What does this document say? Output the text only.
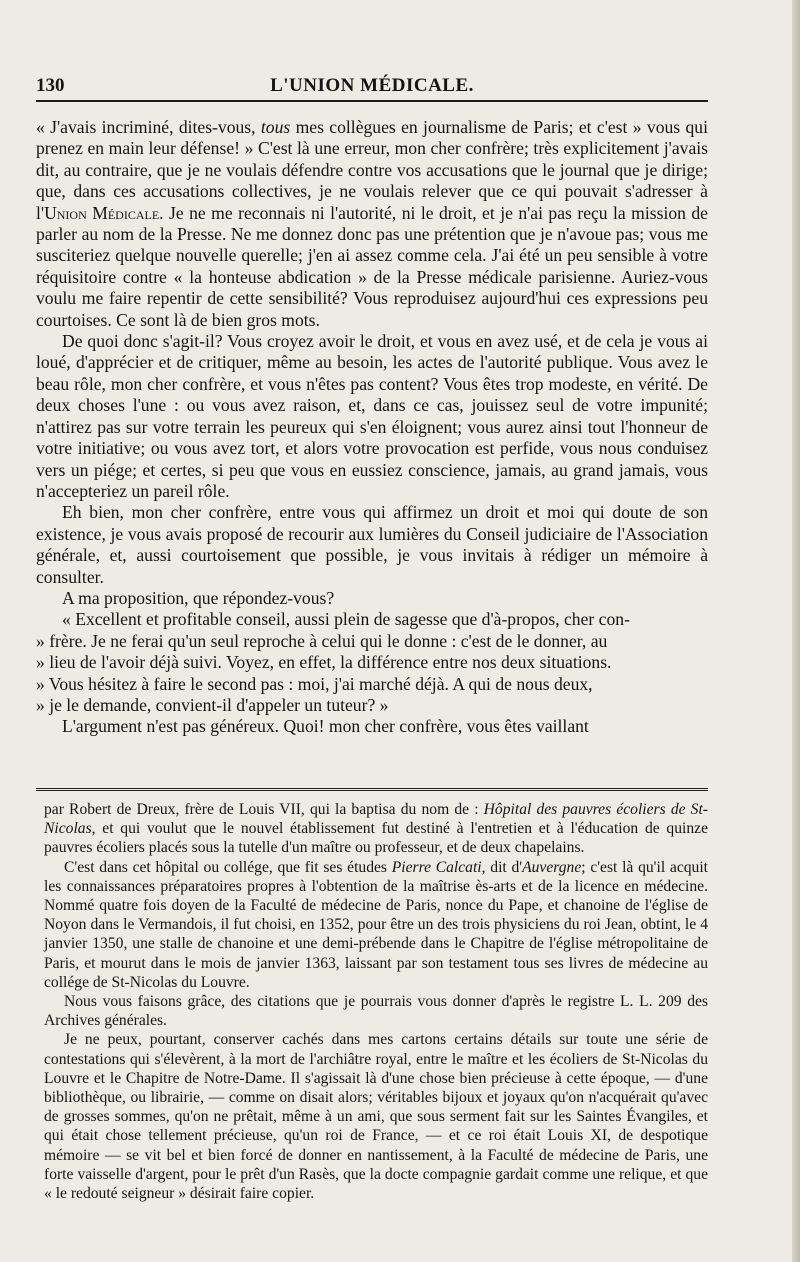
130	L'UNION MÉDICALE.

« J'avais incriminé, dites-vous, tous mes collègues en journalisme de Paris; et c'est » vous qui prenez en main leur défense! » C'est là une erreur, mon cher confrère; très explicitement j'avais dit, au contraire, que je ne voulais défendre contre vos accusations que le journal que je dirige; que, dans ces accusations collectives, je ne voulais relever que ce qui pouvait s'adresser à l'Union Médicale. Je ne me reconnais ni l'autorité, ni le droit, et je n'ai pas reçu la mission de parler au nom de la Presse. Ne me donnez donc pas une prétention que je n'avoue pas; vous me susciteriez quelque nouvelle querelle; j'en ai assez comme cela. J'ai été un peu sensible à votre réquisitoire contre « la honteuse abdication » de la Presse médicale parisienne. Auriez-vous voulu me faire repentir de cette sensibilité? Vous reproduisez aujourd'hui ces expressions peu courtoises. Ce sont là de bien gros mots.

De quoi donc s'agit-il? Vous croyez avoir le droit, et vous en avez usé, et de cela je vous ai loué, d'apprécier et de critiquer, même au besoin, les actes de l'autorité publique. Vous avez le beau rôle, mon cher confrère, et vous n'êtes pas content? Vous êtes trop modeste, en vérité. De deux choses l'une : ou vous avez raison, et, dans ce cas, jouissez seul de votre impunité; n'attirez pas sur votre terrain les peureux qui s'en éloignent; vous aurez ainsi tout l'honneur de votre initiative; ou vous avez tort, et alors votre provocation est perfide, vous nous conduisez vers un piége; et certes, si peu que vous en eussiez conscience, jamais, au grand jamais, vous n'accepteriez un pareil rôle.

Eh bien, mon cher confrère, entre vous qui affirmez un droit et moi qui doute de son existence, je vous avais proposé de recourir aux lumières du Conseil judiciaire de l'Association générale, et, aussi courtoisement que possible, je vous invitais à rédiger un mémoire à consulter.

A ma proposition, que répondez-vous?

« Excellent et profitable conseil, aussi plein de sagesse que d'à-propos, cher con-

» frère. Je ne ferai qu'un seul reproche à celui qui le donne : c'est de le donner, au

» lieu de l'avoir déjà suivi. Voyez, en effet, la différence entre nos deux situations.

» Vous hésitez à faire le second pas : moi, j'ai marché déjà. A qui de nous deux,

» je le demande, convient-il d'appeler un tuteur? »

L'argument n'est pas généreux. Quoi! mon cher confrère, vous êtes vaillant

par Robert de Dreux, frère de Louis VII, qui la baptisa du nom de : Hôpital des pauvres écoliers de St-Nicolas, et qui voulut que le nouvel établissement fut destiné à l'entretien et à l'éducation de quinze pauvres écoliers placés sous la tutelle d'un maître ou professeur, et de deux chapelains.

C'est dans cet hôpital ou collége, que fit ses études Pierre Calcati, dit d'Auvergne; c'est là qu'il acquit les connaissances préparatoires propres à l'obtention de la maîtrise ès-arts et de la licence en médecine. Nommé quatre fois doyen de la Faculté de médecine de Paris, nonce du Pape, et chanoine de l'église de Noyon dans le Vermandois, il fut choisi, en 1352, pour être un des trois physiciens du roi Jean, obtint, le 4 janvier 1350, une stalle de chanoine et une demi-prébende dans le Chapitre de l'église métropolitaine de Paris, et mourut dans le mois de janvier 1363, laissant par son testament tous ses livres de médecine au collége de St-Nicolas du Louvre.

Nous vous faisons grâce, des citations que je pourrais vous donner d'après le registre L. L. 209 des Archives générales.

Je ne peux, pourtant, conserver cachés dans mes cartons certains détails sur toute une série de contestations qui s'élevèrent, à la mort de l'archiâtre royal, entre le maître et les écoliers de St-Nicolas du Louvre et le Chapitre de Notre-Dame. Il s'agissait là d'une chose bien précieuse à cette époque, — d'une bibliothèque, ou librairie, — comme on disait alors; véritables bijoux et joyaux qu'on n'acquérait qu'avec de grosses sommes, qu'on ne prêtait, même à un ami, que sous serment fait sur les Saintes Évangiles, et qui était chose tellement précieuse, qu'un roi de France, — et ce roi était Louis XI, de despotique mémoire — se vit bel et bien forcé de donner en nantissement, à la Faculté de médecine de Paris, une forte vaisselle d'argent, pour le prêt d'un Rasès, que la docte compagnie gardait comme une relique, et que « le redouté seigneur » désirait faire copier.
